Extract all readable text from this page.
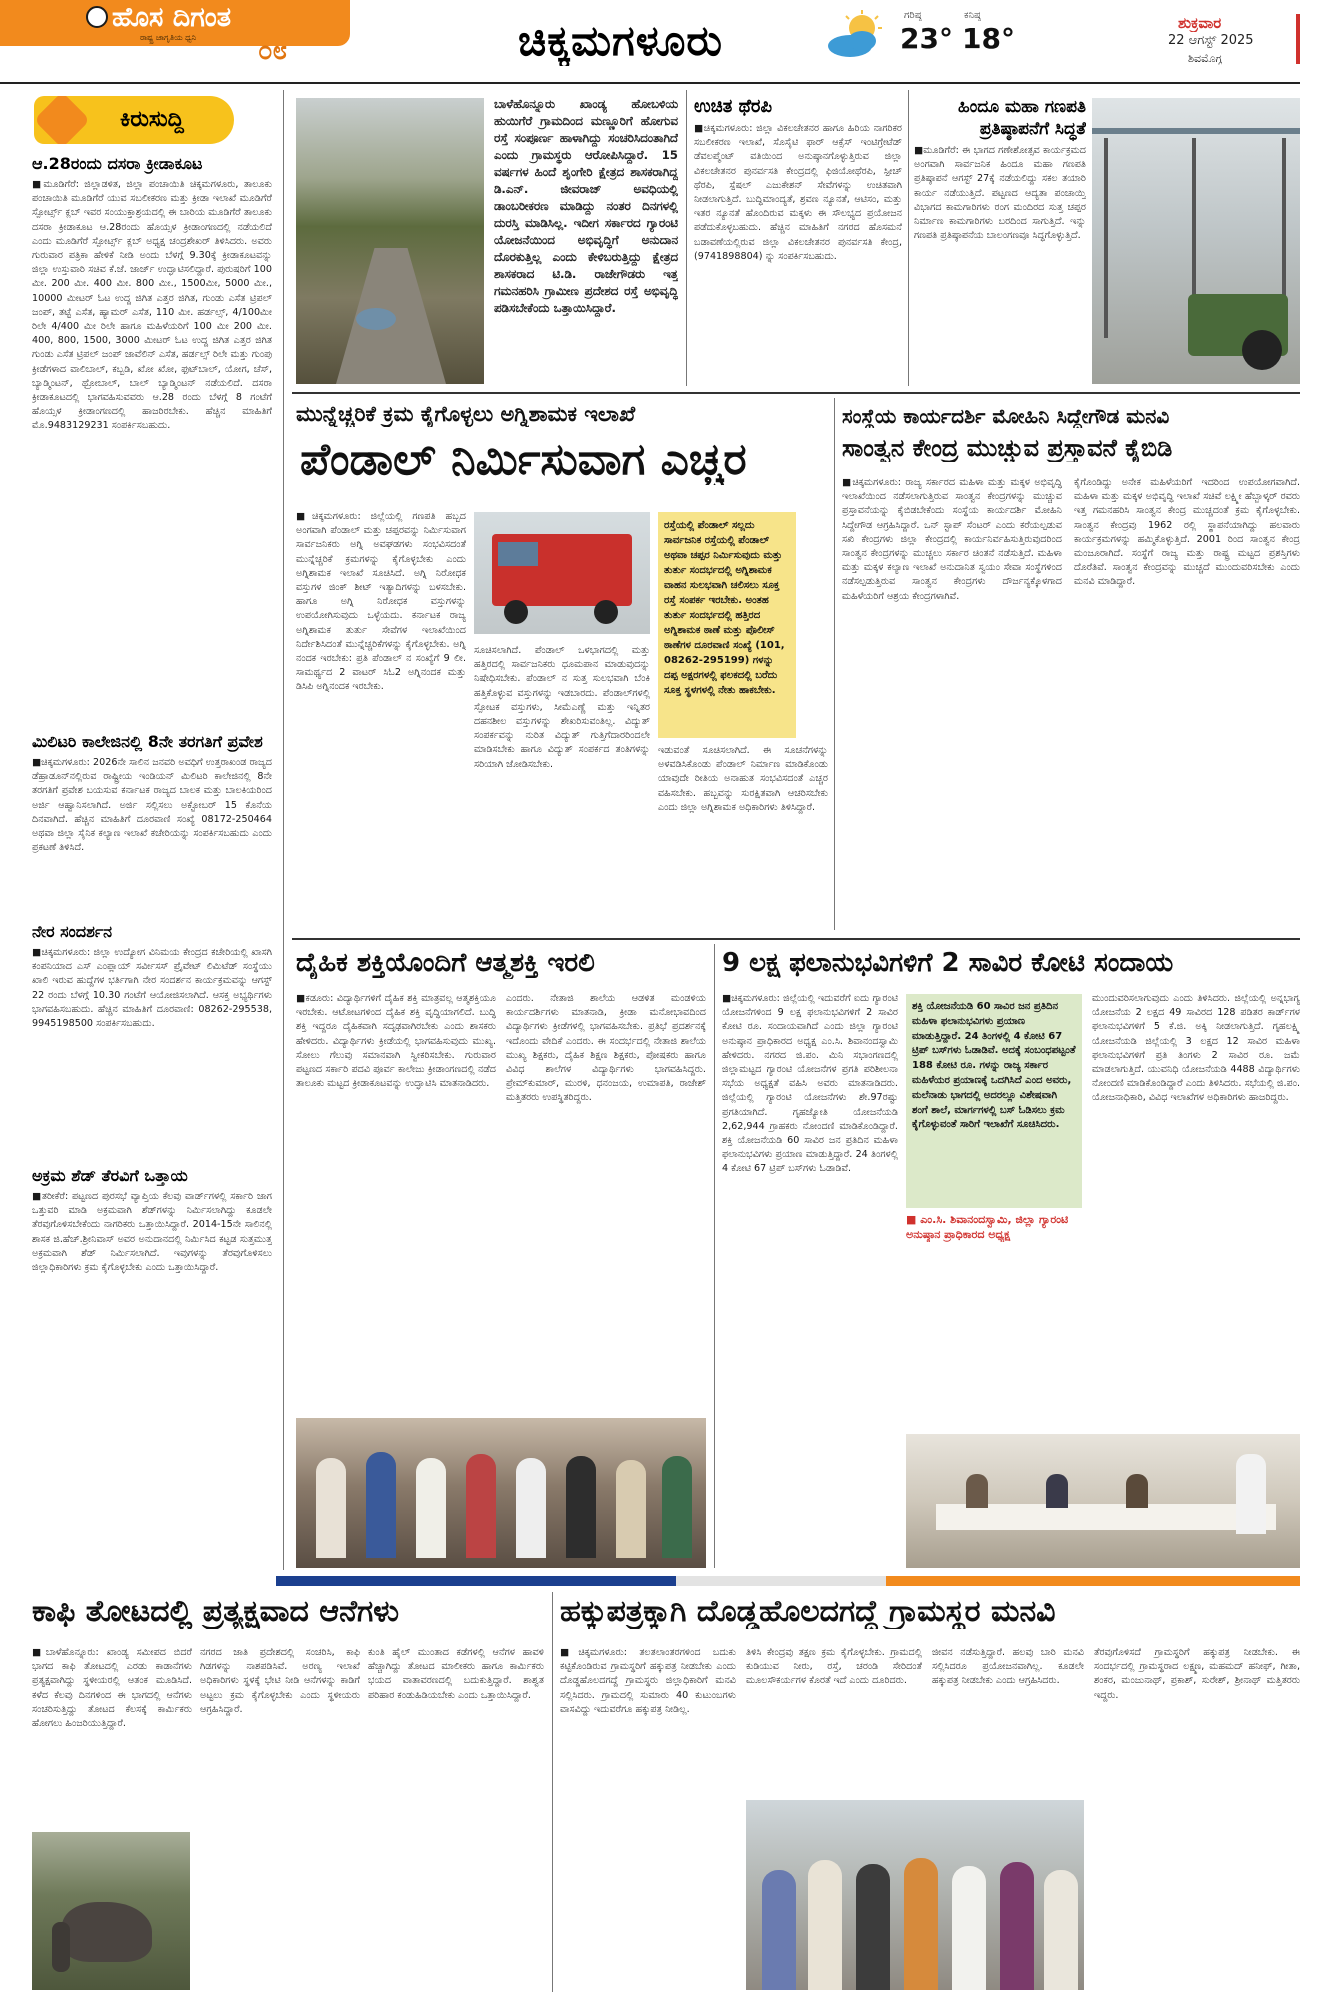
ಹೊಸ ದಿಗಂತ
ರಾಷ್ಟ್ರ ಜಾಗೃತಿಯ ಧ್ವನಿ ೦೮	ಚಿಕ್ಕಮಗಳೂರು
ಗರಿಷ್ಠ
23°
ಕನಿಷ್ಠ
18°	ಶುಕ್ರವಾರ
22 ಆಗಸ್ಟ್ 2025
ಶಿವಮೊಗ್ಗ
ಕಿರುಸುದ್ದಿ
ಆ.28ರಂದು ದಸರಾ ಕ್ರೀಡಾಕೂಟ
■ಮೂಡಿಗೆರೆ: ಜಿಲ್ಲಾಡಳಿತ, ಜಿಲ್ಲಾ ಪಂಚಾಯಿತಿ ಚಿಕ್ಕಮಗಳೂರು, ತಾಲೂಕು ಪಂಚಾಯಿತಿ ಮೂಡಿಗೆರೆ ಯುವ ಸಬಲೀಕರಣ ಮತ್ತು ಕ್ರೀಡಾ ಇಲಾಖೆ ಮೂಡಿಗೆರೆ ಸ್ಪೋರ್ಟ್ಸ್ ಕ್ಲಬ್ ಇವರ ಸಂಯುಕ್ತಾಶ್ರಯದಲ್ಲಿ ಈ ಬಾರಿಯ ಮೂಡಿಗೆರೆ ತಾಲೂಕು ದಸರಾ ಕ್ರೀಡಾಕೂಟ ಆ.28ರಂದು ಹೊಯ್ಸಳ ಕ್ರೀಡಾಂಗಣದಲ್ಲಿ ನಡೆಯಲಿದೆ ಎಂದು ಮೂಡಿಗೆರೆ ಸ್ಪೋರ್ಟ್ಸ್ ಕ್ಲಬ್ ಅಧ್ಯಕ್ಷ ಚಂದ್ರಶೇಖರ್ ತಿಳಿಸಿದರು. ಅವರು ಗುರುವಾರ ಪತ್ರಿಕಾ ಹೇಳಿಕೆ ನೀಡಿ ಅಂದು ಬೆಳಗ್ಗೆ 9.30ಕ್ಕೆ ಕ್ರೀಡಾಕೂಟವನ್ನು ಜಿಲ್ಲಾ ಉಸ್ತುವಾರಿ ಸಚಿವ ಕೆ.ಜೆ. ಜಾರ್ಜ್ ಉದ್ಘಾಟಿಸಲಿದ್ದಾರೆ. ಪುರುಷರಿಗೆ 100 ಮೀ. 200 ಮೀ. 400 ಮೀ. 800 ಮೀ., 1500ಮೀ, 5000 ಮೀ., 10000 ಮೀಟರ್ ಓಟ ಉದ್ದ ಜಿಗಿತ ಎತ್ತರ ಜಿಗಿತ, ಗುಂಡು ಎಸೆತ ಟ್ರಿಪಲ್ ಜಂಪ್, ತಟ್ಟೆ ಎಸೆತ, ಹ್ಯಾಮರ್ ಎಸೆತ, 110 ಮೀ. ಹರ್ಡಲ್ಸ್, 4/100ಮೀ ರಿಲೇ 4/400 ಮೀ ರಿಲೇ ಹಾಗೂ ಮಹಿಳೆಯರಿಗೆ 100 ಮೀ 200 ಮೀ. 400, 800, 1500, 3000 ಮೀಟರ್ ಓಟ ಉದ್ದ ಜಿಗಿತ ಎತ್ತರ ಜಿಗಿತ ಗುಂಡು ಎಸೆತ ಟ್ರಿಪಲ್ ಜಂಪ್ ಜಾವೆಲಿನ್ ಎಸೆತ, ಹರ್ಡಲ್ಸ್ ರಿಲೇ ಮತ್ತು ಗುಂಪು ಕ್ರೀಡೆಗಳಾದ ವಾಲಿಬಾಲ್, ಕಬ್ಬಡಿ, ಖೋ ಖೋ, ಫುಟ್‌ಬಾಲ್, ಯೋಗ, ಚೆಸ್, ಬ್ಯಾಡ್ಮಿಂಟನ್, ಥ್ರೋಬಾಲ್, ಬಾಲ್ ಬ್ಯಾಡ್ಮಿಂಟನ್ ನಡೆಯಲಿದೆ. ದಸರಾ ಕ್ರೀಡಾಕೂಟದಲ್ಲಿ ಭಾಗವಹಿಸುವವರು ಆ.28 ರಂದು ಬೆಳಗ್ಗೆ 8 ಗಂಟೆಗೆ ಹೊಯ್ಸಳ ಕ್ರೀಡಾಂಗಣದಲ್ಲಿ ಹಾಜರಿರಬೇಕು. ಹೆಚ್ಚಿನ ಮಾಹಿತಿಗೆ ಮೊ.9483129231 ಸಂಪರ್ಕಿಸಬಹುದು.
ಮಿಲಿಟರಿ ಕಾಲೇಜಿನಲ್ಲಿ 8ನೇ ತರಗತಿಗೆ ಪ್ರವೇಶ
■ಚಿಕ್ಕಮಗಳೂರು: 2026ನೇ ಸಾಲಿನ ಜನವರಿ ಅವಧಿಗೆ ಉತ್ತರಾಖಂಡ ರಾಜ್ಯದ ಡೆಹ್ರಾಡೂನ್‌ನಲ್ಲಿರುವ ರಾಷ್ಟ್ರೀಯ ಇಂಡಿಯನ್ ಮಿಲಿಟರಿ ಕಾಲೇಜಿನಲ್ಲಿ 8ನೇ ತರಗತಿಗೆ ಪ್ರವೇಶ ಬಯಸುವ ಕರ್ನಾಟಕ ರಾಜ್ಯದ ಬಾಲಕ ಮತ್ತು ಬಾಲಕಿಯರಿಂದ ಅರ್ಜಿ ಆಹ್ವಾನಿಸಲಾಗಿದೆ. ಅರ್ಜಿ ಸಲ್ಲಿಸಲು ಅಕ್ಟೋಬರ್ 15 ಕೊನೆಯ ದಿನವಾಗಿದೆ. ಹೆಚ್ಚಿನ ಮಾಹಿತಿಗೆ ದೂರವಾಣಿ ಸಂಖ್ಯೆ 08172-250464 ಅಥವಾ ಜಿಲ್ಲಾ ಸೈನಿಕ ಕಲ್ಯಾಣ ಇಲಾಖೆ ಕಚೇರಿಯನ್ನು ಸಂಪರ್ಕಿಸಬಹುದು ಎಂದು ಪ್ರಕಟಣೆ ತಿಳಿಸಿದೆ.
ನೇರ ಸಂದರ್ಶನ
■ಚಿಕ್ಕಮಗಳೂರು: ಜಿಲ್ಲಾ ಉದ್ಯೋಗ ವಿನಿಮಯ ಕೇಂದ್ರದ ಕಚೇರಿಯಲ್ಲಿ ಖಾಸಗಿ ಕಂಪನಿಯಾದ ಎಸ್ ಎಂಪ್ಲಾಯ್ ಸರ್ವೀಸಸ್ ಪ್ರೈವೇಟ್ ಲಿಮಿಟೆಡ್ ಸಂಸ್ಥೆಯು ಖಾಲಿ ಇರುವ ಹುದ್ದೆಗಳ ಭರ್ತಿಗಾಗಿ ನೇರ ಸಂದರ್ಶನ ಕಾರ್ಯಕ್ರಮವನ್ನು ಆಗಸ್ಟ್ 22 ರಂದು ಬೆಳಗ್ಗೆ 10.30 ಗಂಟೆಗೆ ಆಯೋಜಿಸಲಾಗಿದೆ. ಆಸಕ್ತ ಅಭ್ಯರ್ಥಿಗಳು ಭಾಗವಹಿಸಬಹುದು. ಹೆಚ್ಚಿನ ಮಾಹಿತಿಗೆ ದೂರವಾಣಿ: 08262-295538, 9945198500 ಸಂಪರ್ಕಿಸಬಹುದು.
ಅಕ್ರಮ ಶೆಡ್ ತೆರವಿಗೆ ಒತ್ತಾಯ
■ತರೀಕೆರೆ: ಪಟ್ಟಣದ ಪುರಸಭೆ ವ್ಯಾಪ್ತಿಯ ಕೆಲವು ವಾರ್ಡ್‌ಗಳಲ್ಲಿ ಸರ್ಕಾರಿ ಜಾಗ ಒತ್ತುವರಿ ಮಾಡಿ ಅಕ್ರಮವಾಗಿ ಶೆಡ್‌ಗಳನ್ನು ನಿರ್ಮಿಸಲಾಗಿದ್ದು ಕೂಡಲೇ ತೆರವುಗೊಳಿಸಬೇಕೆಂದು ನಾಗರಿಕರು ಒತ್ತಾಯಿಸಿದ್ದಾರೆ. 2014-15ನೇ ಸಾಲಿನಲ್ಲಿ ಶಾಸಕ ಜಿ.ಹೆಚ್.ಶ್ರೀನಿವಾಸ್ ಅವರ ಅನುದಾನದಲ್ಲಿ ನಿರ್ಮಿಸಿದ ಕಟ್ಟಡ ಸುತ್ತಮುತ್ತ ಅಕ್ರಮವಾಗಿ ಶೆಡ್ ನಿರ್ಮಿಸಲಾಗಿದೆ. ಇವುಗಳನ್ನು ತೆರವುಗೊಳಿಸಲು ಜಿಲ್ಲಾಧಿಕಾರಿಗಳು ಕ್ರಮ ಕೈಗೊಳ್ಳಬೇಕು ಎಂದು ಒತ್ತಾಯಿಸಿದ್ದಾರೆ.
ಬಾಳೆಹೊನ್ನೂರು ಖಾಂಡ್ಯ ಹೋಬಳಿಯ ಹುಯಿಗೆರೆ ಗ್ರಾಮದಿಂದ ಮಣ್ಣೂರಿಗೆ ಹೋಗುವ ರಸ್ತೆ ಸಂಪೂರ್ಣ ಹಾಳಾಗಿದ್ದು ಸಂಚರಿಸಿದಂತಾಗಿದೆ ಎಂದು ಗ್ರಾಮಸ್ಥರು ಆರೋಪಿಸಿದ್ದಾರೆ. 15 ವರ್ಷಗಳ ಹಿಂದೆ ಶೃಂಗೇರಿ ಕ್ಷೇತ್ರದ ಶಾಸಕರಾಗಿದ್ದ ಡಿ.ಎನ್. ಜೀವರಾಜ್ ಅವಧಿಯಲ್ಲಿ ಡಾಂಬರೀಕರಣ ಮಾಡಿದ್ದು ನಂತರ ದಿನಗಳಲ್ಲಿ ದುರಸ್ತಿ ಮಾಡಿಸಿಲ್ಲ. ಇದೀಗ ಸರ್ಕಾರದ ಗ್ಯಾರಂಟಿ ಯೋಜನೆಯಿಂದ ಅಭಿವೃದ್ಧಿಗೆ ಅನುದಾನ ದೊರಕುತ್ತಿಲ್ಲ ಎಂದು ಕೇಳಿಬರುತ್ತಿದ್ದು ಕ್ಷೇತ್ರದ ಶಾಸಕರಾದ ಟಿ.ಡಿ. ರಾಜೇಗೌಡರು ಇತ್ತ ಗಮನಹರಿಸಿ ಗ್ರಾಮೀಣ ಪ್ರದೇಶದ ರಸ್ತೆ ಅಭಿವೃದ್ಧಿ ಪಡಿಸಬೇಕೆಂದು ಒತ್ತಾಯಿಸಿದ್ದಾರೆ.
ಉಚಿತ ಥೆರಪಿ
■ಚಿಕ್ಕಮಗಳೂರು: ಜಿಲ್ಲಾ ವಿಕಲಚೇತನರ ಹಾಗೂ ಹಿರಿಯ ನಾಗರಿಕರ ಸಬಲೀಕರಣ ಇಲಾಖೆ, ಸೊಸೈಟಿ ಫಾರ್ ಆಕ್ಸೆಸ್ ಇಂಟಿಗ್ರೇಟೆಡ್ ಡೆವಲಪ್ಮೆಂಟ್ ವತಿಯಿಂದ ಅನುಷ್ಠಾನಗೊಳ್ಳುತ್ತಿರುವ ಜಿಲ್ಲಾ ವಿಕಲಚೇತನರ ಪುನರ್ವಸತಿ ಕೇಂದ್ರದಲ್ಲಿ ಫಿಜಿಯೋಥೆರಪಿ, ಸ್ಪೀಚ್ ಥೆರಪಿ, ಸ್ಪೆಷಲ್ ಎಜುಕೇಶನ್ ಸೇವೆಗಳನ್ನು ಉಚಿತವಾಗಿ ನೀಡಲಾಗುತ್ತಿದೆ. ಬುದ್ಧಿಮಾಂದ್ಯತೆ, ಶ್ರವಣ ನ್ಯೂನತೆ, ಆಟಿಸಂ, ಮತ್ತು ಇತರ ನ್ಯೂನತೆ ಹೊಂದಿರುವ ಮಕ್ಕಳು ಈ ಸೌಲಭ್ಯದ ಪ್ರಯೋಜನ ಪಡೆದುಕೊಳ್ಳಬಹುದು. ಹೆಚ್ಚಿನ ಮಾಹಿತಿಗೆ ನಗರದ ಹೊಸಮನೆ ಬಡಾವಣೆಯಲ್ಲಿರುವ ಜಿಲ್ಲಾ ವಿಕಲಚೇತನರ ಪುನರ್ವಸತಿ ಕೇಂದ್ರ, (9741898804) ನ್ನು ಸಂಪರ್ಕಿಸಬಹುದು.
ಹಿಂದೂ ಮಹಾ ಗಣಪತಿ ಪ್ರತಿಷ್ಠಾಪನೆಗೆ ಸಿದ್ಧತೆ
■ಮೂಡಿಗೆರೆ: ಈ ಭಾಗದ ಗಣೇಶೋತ್ಸವ ಕಾರ್ಯಕ್ರಮದ ಅಂಗವಾಗಿ ಸಾರ್ವಜನಿಕ ಹಿಂದೂ ಮಹಾ ಗಣಪತಿ ಪ್ರತಿಷ್ಠಾಪನೆ ಆಗಸ್ಟ್ 27ಕ್ಕೆ ನಡೆಯಲಿದ್ದು ಸಕಲ ತಯಾರಿ ಕಾರ್ಯ ನಡೆಯುತ್ತಿದೆ. ಪಟ್ಟಣದ ಆದ್ಯತಾ ಪಂಚಾಯ್ತಿ ವಿಭಾಗದ ಕಾಮಗಾರಿಗಳು ರಂಗ ಮಂದಿರದ ಸುತ್ತ ಚಪ್ಪರ ನಿರ್ಮಾಣ ಕಾಮಗಾರಿಗಳು ಬರದಿಂದ ಸಾಗುತ್ತಿದೆ. ಇನ್ನು ಗಣಪತಿ ಪ್ರತಿಷ್ಠಾಪನೆಯ ಬಾಲಂಗಣವೂ ಸಿದ್ಧಗೊಳ್ಳುತ್ತಿದೆ.
ಮುನ್ನೆಚ್ಚರಿಕೆ ಕ್ರಮ ಕೈಗೊಳ್ಳಲು ಅಗ್ನಿಶಾಮಕ ಇಲಾಖೆ
ಪೆಂಡಾಲ್ ನಿರ್ಮಿಸುವಾಗ ಎಚ್ಚರ
■ಚಿಕ್ಕಮಗಳೂರು: ಜಿಲ್ಲೆಯಲ್ಲಿ ಗಣಪತಿ ಹಬ್ಬದ ಅಂಗವಾಗಿ ಪೆಂಡಾಲ್ ಮತ್ತು ಚಪ್ಪರವನ್ನು ನಿರ್ಮಿಸುವಾಗ ಸಾರ್ವಜನಿಕರು ಅಗ್ನಿ ಅವಘಡಗಳು ಸಂಭವಿಸದಂತೆ ಮುನ್ನೆಚ್ಚರಿಕೆ ಕ್ರಮಗಳನ್ನು ಕೈಗೊಳ್ಳಬೇಕು ಎಂದು ಅಗ್ನಿಶಾಮಕ ಇಲಾಖೆ ಸೂಚಿಸಿದೆ. ಅಗ್ನಿ ನಿರೋಧಕ ವಸ್ತುಗಳ ಜಿಂಕ್ ಶೀಟ್ ಇತ್ಯಾದಿಗಳನ್ನು ಬಳಸಬೇಕು. ಹಾಗೂ ಅಗ್ನಿ ನಿರೋಧಕ ವಸ್ತುಗಳನ್ನು ಉಪಯೋಗಿಸುವುದು ಒಳ್ಳೆಯದು. ಕರ್ನಾಟಕ ರಾಜ್ಯ ಅಗ್ನಿಶಾಮಕ ತುರ್ತು ಸೇವೆಗಳ ಇಲಾಖೆಯಿಂದ ನಿರ್ದೇಶಿಸಿದಂತೆ ಮುನ್ನೆಚ್ಚರಿಕೆಗಳನ್ನು ಕೈಗೊಳ್ಳಬೇಕು. ಅಗ್ನಿ ನಂದಕ ಇರಬೇಕು: ಪ್ರತಿ ಪೆಂಡಾಲ್ ನ ಸಂಖ್ಯೆಗೆ 9 ಲೀ. ಸಾಮರ್ಥ್ಯದ 2 ವಾಟರ್ ಸಿಓ2 ಅಗ್ನಿನಂದಕ ಮತ್ತು ಡಿಸಿಪಿ ಅಗ್ನಿನಂದಕ ಇರಬೇಕು.
ಸೂಚಿಸಲಾಗಿದೆ. ಪೆಂಡಾಲ್ ಒಳಭಾಗದಲ್ಲಿ ಮತ್ತು ಹತ್ತಿರದಲ್ಲಿ ಸಾರ್ವಜನಿಕರು ಧೂಮಪಾನ ಮಾಡುವುದನ್ನು ನಿಷೇಧಿಸಬೇಕು. ಪೆಂಡಾಲ್ ನ ಸುತ್ತ ಸುಲಭವಾಗಿ ಬೆಂಕಿ ಹತ್ತಿಕೊಳ್ಳುವ ವಸ್ತುಗಳನ್ನು ಇಡಬಾರದು. ಪೆಂಡಾಲ್‌ಗಳಲ್ಲಿ ಸ್ಪೋಟಕ ವಸ್ತುಗಳು, ಸೀಮೆಎಣ್ಣೆ ಮತ್ತು ಇನ್ನಿತರ ದಹನಶೀಲ ವಸ್ತುಗಳನ್ನು ಶೇಖರಿಸುವಂತಿಲ್ಲ. ವಿದ್ಯುತ್ ಸಂಪರ್ಕವನ್ನು ನುರಿತ ವಿದ್ಯುತ್ ಗುತ್ತಿಗೆದಾರರಿಂದಲೇ ಮಾಡಿಸಬೇಕು ಹಾಗೂ ವಿದ್ಯುತ್ ಸಂಪರ್ಕದ ತಂತಿಗಳನ್ನು ಸರಿಯಾಗಿ ಜೋಡಿಸಬೇಕು.
ರಸ್ತೆಯಲ್ಲಿ ಪೆಂಡಾಲ್ ಸಲ್ಲದು ಸಾರ್ವಜನಿಕ ರಸ್ತೆಯಲ್ಲಿ ಪೆಂಡಾಲ್ ಅಥವಾ ಚಪ್ಪರ ನಿರ್ಮಿಸುವುದು ಮತ್ತು ತುರ್ತು ಸಂದರ್ಭದಲ್ಲಿ ಅಗ್ನಿಶಾಮಕ ವಾಹನ ಸುಲಭವಾಗಿ ಚಲಿಸಲು ಸೂಕ್ತ ರಸ್ತೆ ಸಂಪರ್ಕ ಇರಬೇಕು. ಅಂತಹ ತುರ್ತು ಸಂದರ್ಭದಲ್ಲಿ ಹತ್ತಿರದ ಅಗ್ನಿಶಾಮಕ ಠಾಣೆ ಮತ್ತು ಪೊಲೀಸ್ ಠಾಣೆಗಳ ದೂರವಾಣಿ ಸಂಖ್ಯೆ (101, 08262-295199) ಗಳನ್ನು ದಪ್ಪ ಅಕ್ಷರಗಳಲ್ಲಿ ಫಲಕದಲ್ಲಿ ಬರೆದು ಸೂಕ್ತ ಸ್ಥಳಗಳಲ್ಲಿ ನೇತು ಹಾಕಬೇಕು.
ಇಡುವಂತೆ ಸೂಚಿಸಲಾಗಿದೆ. ಈ ಸೂಚನೆಗಳನ್ನು ಅಳವಡಿಸಿಕೊಂಡು ಪೆಂಡಾಲ್ ನಿರ್ಮಾಣ ಮಾಡಿಕೊಂಡು ಯಾವುದೇ ರೀತಿಯ ಅನಾಹುತ ಸಂಭವಿಸದಂತೆ ಎಚ್ಚರ ವಹಿಸಬೇಕು. ಹಬ್ಬವನ್ನು ಸುರಕ್ಷಿತವಾಗಿ ಆಚರಿಸಬೇಕು ಎಂದು ಜಿಲ್ಲಾ ಅಗ್ನಿಶಾಮಕ ಅಧಿಕಾರಿಗಳು ತಿಳಿಸಿದ್ದಾರೆ.
ಸಂಸ್ಥೆಯ ಕಾರ್ಯದರ್ಶಿ ಮೋಹಿನಿ ಸಿದ್ದೇಗೌಡ ಮನವಿ
ಸಾಂತ್ವನ ಕೇಂದ್ರ ಮುಚ್ಚುವ ಪ್ರಸ್ತಾವನೆ ಕೈಬಿಡಿ
■ಚಿಕ್ಕಮಗಳೂರು: ರಾಜ್ಯ ಸರ್ಕಾರದ ಮಹಿಳಾ ಮತ್ತು ಮಕ್ಕಳ ಅಭಿವೃದ್ಧಿ ಇಲಾಖೆಯಿಂದ ನಡೆಸಲಾಗುತ್ತಿರುವ ಸಾಂತ್ವನ ಕೇಂದ್ರಗಳನ್ನು ಮುಚ್ಚುವ ಪ್ರಸ್ತಾವನೆಯನ್ನು ಕೈಬಿಡಬೇಕೆಂದು ಸಂಸ್ಥೆಯ ಕಾರ್ಯದರ್ಶಿ ಮೋಹಿನಿ ಸಿದ್ದೇಗೌಡ ಆಗ್ರಹಿಸಿದ್ದಾರೆ. ಒನ್ ಸ್ಟಾಪ್ ಸೆಂಟರ್ ಎಂದು ಕರೆಯಲ್ಪಡುವ ಸಖಿ ಕೇಂದ್ರಗಳು ಜಿಲ್ಲಾ ಕೇಂದ್ರದಲ್ಲಿ ಕಾರ್ಯನಿರ್ವಹಿಸುತ್ತಿರುವುದರಿಂದ ಸಾಂತ್ವನ ಕೇಂದ್ರಗಳನ್ನು ಮುಚ್ಚಲು ಸರ್ಕಾರ ಚಿಂತನೆ ನಡೆಸುತ್ತಿದೆ. ಮಹಿಳಾ ಮತ್ತು ಮಕ್ಕಳ ಕಲ್ಯಾಣ ಇಲಾಖೆ ಅನುದಾನಿತ ಸ್ವಯಂ ಸೇವಾ ಸಂಸ್ಥೆಗಳಿಂದ ನಡೆಸಲ್ಪಡುತ್ತಿರುವ ಸಾಂತ್ವನ ಕೇಂದ್ರಗಳು ದೌರ್ಜನ್ಯಕ್ಕೊಳಗಾದ ಮಹಿಳೆಯರಿಗೆ ಆಶ್ರಯ ಕೇಂದ್ರಗಳಾಗಿವೆ.
ಕೈಗೊಂಡಿದ್ದು ಅನೇಕ ಮಹಿಳೆಯರಿಗೆ ಇದರಿಂದ ಉಪಯೋಗವಾಗಿದೆ. ಮಹಿಳಾ ಮತ್ತು ಮಕ್ಕಳ ಅಭಿವೃದ್ಧಿ ಇಲಾಖೆ ಸಚಿವೆ ಲಕ್ಷ್ಮೀ ಹೆಬ್ಬಾಳ್ಕರ್ ರವರು ಇತ್ತ ಗಮನಹರಿಸಿ ಸಾಂತ್ವನ ಕೇಂದ್ರ ಮುಚ್ಚದಂತೆ ಕ್ರಮ ಕೈಗೊಳ್ಳಬೇಕು. ಸಾಂತ್ವನ ಕೇಂದ್ರವು 1962 ರಲ್ಲಿ ಸ್ಥಾಪನೆಯಾಗಿದ್ದು ಹಲವಾರು ಕಾರ್ಯಕ್ರಮಗಳನ್ನು ಹಮ್ಮಿಕೊಳ್ಳುತ್ತಿದೆ. 2001 ರಿಂದ ಸಾಂತ್ವನ ಕೇಂದ್ರ ಮಂಜೂರಾಗಿದೆ. ಸಂಸ್ಥೆಗೆ ರಾಜ್ಯ ಮತ್ತು ರಾಷ್ಟ್ರ ಮಟ್ಟದ ಪ್ರಶಸ್ತಿಗಳು ದೊರೆತಿವೆ. ಸಾಂತ್ವನ ಕೇಂದ್ರವನ್ನು ಮುಚ್ಚದೆ ಮುಂದುವರಿಸಬೇಕು ಎಂದು ಮನವಿ ಮಾಡಿದ್ದಾರೆ.
ದೈಹಿಕ ಶಕ್ತಿಯೊಂದಿಗೆ ಆತ್ಮಶಕ್ತಿ ಇರಲಿ
■ಕಡೂರು: ವಿದ್ಯಾರ್ಥಿಗಳಿಗೆ ದೈಹಿಕ ಶಕ್ತಿ ಮಾತ್ರವಲ್ಲ ಆತ್ಮಶಕ್ತಿಯೂ ಇರಬೇಕು. ಆಟೋಟಗಳಿಂದ ದೈಹಿಕ ಶಕ್ತಿ ವೃದ್ಧಿಯಾಗಲಿದೆ. ಬುದ್ಧಿ ಶಕ್ತಿ ಇದ್ದರೂ ದೈಹಿಕವಾಗಿ ಸದೃಢವಾಗಿರಬೇಕು ಎಂದು ಶಾಸಕರು ಹೇಳಿದರು. ವಿದ್ಯಾರ್ಥಿಗಳು ಕ್ರೀಡೆಯಲ್ಲಿ ಭಾಗವಹಿಸುವುದು ಮುಖ್ಯ. ಸೋಲು ಗೆಲುವು ಸಮಾನವಾಗಿ ಸ್ವೀಕರಿಸಬೇಕು. ಗುರುವಾರ ಪಟ್ಟಣದ ಸರ್ಕಾರಿ ಪದವಿ ಪೂರ್ವ ಕಾಲೇಜು ಕ್ರೀಡಾಂಗಣದಲ್ಲಿ ನಡೆದ ತಾಲೂಕು ಮಟ್ಟದ ಕ್ರೀಡಾಕೂಟವನ್ನು ಉದ್ಘಾಟಿಸಿ ಮಾತನಾಡಿದರು.
ಎಂದರು. ನೇತಾಜಿ ಶಾಲೆಯ ಆಡಳಿತ ಮಂಡಳಿಯ ಕಾರ್ಯದರ್ಶಿಗಳು ಮಾತನಾಡಿ, ಕ್ರೀಡಾ ಮನೋಭಾವದಿಂದ ವಿದ್ಯಾರ್ಥಿಗಳು ಕ್ರೀಡೆಗಳಲ್ಲಿ ಭಾಗವಹಿಸಬೇಕು. ಪ್ರತಿಭೆ ಪ್ರದರ್ಶನಕ್ಕೆ ಇದೊಂದು ವೇದಿಕೆ ಎಂದರು. ಈ ಸಂದರ್ಭದಲ್ಲಿ ನೇತಾಜಿ ಶಾಲೆಯ ಮುಖ್ಯ ಶಿಕ್ಷಕರು, ದೈಹಿಕ ಶಿಕ್ಷಣ ಶಿಕ್ಷಕರು, ಪೋಷಕರು ಹಾಗೂ ವಿವಿಧ ಶಾಲೆಗಳ ವಿದ್ಯಾರ್ಥಿಗಳು ಭಾಗವಹಿಸಿದ್ದರು. ಪ್ರೇಮ್‌ಕುಮಾರ್, ಮುರಳಿ, ಧನಂಜಯ, ಉಮಾಪತಿ, ರಾಜೇಶ್ ಮತ್ತಿತರರು ಉಪಸ್ಥಿತರಿದ್ದರು.
9 ಲಕ್ಷ ಫಲಾನುಭವಿಗಳಿಗೆ 2 ಸಾವಿರ ಕೋಟಿ ಸಂದಾಯ
■ಚಿಕ್ಕಮಗಳೂರು: ಜಿಲ್ಲೆಯಲ್ಲಿ ಇದುವರೆಗೆ ಐದು ಗ್ಯಾರಂಟಿ ಯೋಜನೆಗಳಿಂದ 9 ಲಕ್ಷ ಫಲಾನುಭವಿಗಳಿಗೆ 2 ಸಾವಿರ ಕೋಟಿ ರೂ. ಸಂದಾಯವಾಗಿದೆ ಎಂದು ಜಿಲ್ಲಾ ಗ್ಯಾರಂಟಿ ಅನುಷ್ಠಾನ ಪ್ರಾಧಿಕಾರದ ಅಧ್ಯಕ್ಷ ಎಂ.ಸಿ. ಶಿವಾನಂದಸ್ವಾಮಿ ಹೇಳಿದರು. ನಗರದ ಜಿ.ಪಂ. ಮಿನಿ ಸಭಾಂಗಣದಲ್ಲಿ ಜಿಲ್ಲಾಮಟ್ಟದ ಗ್ಯಾರಂಟಿ ಯೋಜನೆಗಳ ಪ್ರಗತಿ ಪರಿಶೀಲನಾ ಸಭೆಯ ಅಧ್ಯಕ್ಷತೆ ವಹಿಸಿ ಅವರು ಮಾತನಾಡಿದರು. ಜಿಲ್ಲೆಯಲ್ಲಿ ಗ್ಯಾರಂಟಿ ಯೋಜನೆಗಳು ಶೇ.97ರಷ್ಟು ಪ್ರಗತಿಯಾಗಿದೆ. ಗೃಹಜ್ಯೋತಿ ಯೋಜನೆಯಡಿ 2,62,944 ಗ್ರಾಹಕರು ನೋಂದಣಿ ಮಾಡಿಕೊಂಡಿದ್ದಾರೆ. ಶಕ್ತಿ ಯೋಜನೆಯಡಿ 60 ಸಾವಿರ ಜನ ಪ್ರತಿದಿನ ಮಹಿಳಾ ಫಲಾನುಭವಿಗಳು ಪ್ರಯಾಣ ಮಾಡುತ್ತಿದ್ದಾರೆ. 24 ತಿಂಗಳಲ್ಲಿ 4 ಕೋಟಿ 67 ಟ್ರಿಪ್ ಬಸ್‌ಗಳು ಓಡಾಡಿವೆ.
ಶಕ್ತಿ ಯೋಜನೆಯಡಿ 60 ಸಾವಿರ ಜನ ಪ್ರತಿದಿನ ಮಹಿಳಾ ಫಲಾನುಭವಿಗಳು ಪ್ರಯಾಣ ಮಾಡುತ್ತಿದ್ದಾರೆ. 24 ತಿಂಗಳಲ್ಲಿ 4 ಕೋಟಿ 67 ಟ್ರಿಪ್ ಬಸ್‌ಗಳು ಓಡಾಡಿವೆ. ಅದಕ್ಕೆ ಸಂಬಂಧಪಟ್ಟಂತೆ 188 ಕೋಟಿ ರೂ. ಗಳನ್ನು ರಾಜ್ಯ ಸರ್ಕಾರ ಮಹಿಳೆಯರ ಪ್ರಯಾಣಕ್ಕೆ ಒದಗಿಸಿದೆ ಎಂದ ಅವರು, ಮಲೆನಾಡು ಭಾಗದಲ್ಲಿ ಅದರಲ್ಲೂ ವಿಶೇಷವಾಗಿ ಶಂಗೆ ಶಾಲೆ, ಮಾರ್ಗಗಳಲ್ಲಿ ಬಸ್ ಓಡಿಸಲು ಕ್ರಮ ಕೈಗೊಳ್ಳುವಂತೆ ಸಾರಿಗೆ ಇಲಾಖೆಗೆ ಸೂಚಿಸಿದರು.
■ ಎಂ.ಸಿ. ಶಿವಾನಂದಸ್ವಾಮಿ, ಜಿಲ್ಲಾ ಗ್ಯಾರಂಟಿ ಅನುಷ್ಠಾನ ಪ್ರಾಧಿಕಾರದ ಅಧ್ಯಕ್ಷ
ಮುಂದುವರಿಸಲಾಗುವುದು ಎಂದು ತಿಳಿಸಿದರು. ಜಿಲ್ಲೆಯಲ್ಲಿ ಅನ್ನಭಾಗ್ಯ ಯೋಜನೆಯ 2 ಲಕ್ಷದ 49 ಸಾವಿರದ 128 ಪಡಿತರ ಕಾರ್ಡ್‌ಗಳ ಫಲಾನುಭವಿಗಳಿಗೆ 5 ಕೆ.ಜಿ. ಅಕ್ಕಿ ನೀಡಲಾಗುತ್ತಿದೆ. ಗೃಹಲಕ್ಷ್ಮಿ ಯೋಜನೆಯಡಿ ಜಿಲ್ಲೆಯಲ್ಲಿ 3 ಲಕ್ಷದ 12 ಸಾವಿರ ಮಹಿಳಾ ಫಲಾನುಭವಿಗಳಿಗೆ ಪ್ರತಿ ತಿಂಗಳು 2 ಸಾವಿರ ರೂ. ಜಮೆ ಮಾಡಲಾಗುತ್ತಿದೆ. ಯುವನಿಧಿ ಯೋಜನೆಯಡಿ 4488 ವಿದ್ಯಾರ್ಥಿಗಳು ನೋಂದಣಿ ಮಾಡಿಕೊಂಡಿದ್ದಾರೆ ಎಂದು ತಿಳಿಸಿದರು. ಸಭೆಯಲ್ಲಿ ಜಿ.ಪಂ. ಯೋಜನಾಧಿಕಾರಿ, ವಿವಿಧ ಇಲಾಖೆಗಳ ಅಧಿಕಾರಿಗಳು ಹಾಜರಿದ್ದರು.
ಕಾಫಿ ತೋಟದಲ್ಲಿ ಪ್ರತ್ಯಕ್ಷವಾದ ಆನೆಗಳು
■ಬಾಳೆಹೊನ್ನೂರು: ಖಾಂಡ್ಯ ಸಮೀಪದ ಬಿದರೆ ಭಾಗದ ಕಾಫಿ ತೋಟದಲ್ಲಿ ಎರಡು ಕಾಡಾನೆಗಳು ಪ್ರತ್ಯಕ್ಷವಾಗಿದ್ದು ಸ್ಥಳೀಯರಲ್ಲಿ ಆತಂಕ ಮೂಡಿಸಿದೆ. ಕಳೆದ ಕೆಲವು ದಿನಗಳಿಂದ ಈ ಭಾಗದಲ್ಲಿ ಆನೆಗಳು ಸಂಚರಿಸುತ್ತಿದ್ದು ತೋಟದ ಕೆಲಸಕ್ಕೆ ಕಾರ್ಮಿಕರು ಹೋಗಲು ಹಿಂಜರಿಯುತ್ತಿದ್ದಾರೆ.
ನಗರದ ಜಾತಿ ಪ್ರದೇಶದಲ್ಲಿ ಸಂಚರಿಸಿ, ಕಾಫಿ ಗಿಡಗಳನ್ನು ನಾಶಪಡಿಸಿವೆ. ಅರಣ್ಯ ಇಲಾಖೆ ಅಧಿಕಾರಿಗಳು ಸ್ಥಳಕ್ಕೆ ಭೇಟಿ ನೀಡಿ ಆನೆಗಳನ್ನು ಕಾಡಿಗೆ ಅಟ್ಟಲು ಕ್ರಮ ಕೈಗೊಳ್ಳಬೇಕು ಎಂದು ಸ್ಥಳೀಯರು ಆಗ್ರಹಿಸಿದ್ದಾರೆ.
ಕುಂತಿ ಹೈಲ್ ಮುಂತಾದ ಕಡೆಗಳಲ್ಲಿ ಆನೆಗಳ ಹಾವಳಿ ಹೆಚ್ಚಾಗಿದ್ದು ತೋಟದ ಮಾಲೀಕರು ಹಾಗೂ ಕಾರ್ಮಿಕರು ಭಯದ ವಾತಾವರಣದಲ್ಲಿ ಬದುಕುತ್ತಿದ್ದಾರೆ. ಶಾಶ್ವತ ಪರಿಹಾರ ಕಂಡುಹಿಡಿಯಬೇಕು ಎಂದು ಒತ್ತಾಯಿಸಿದ್ದಾರೆ.
ಹಕ್ಕುಪತ್ರಕ್ಕಾಗಿ ದೊಡ್ಡಹೊಲದಗದ್ದೆ ಗ್ರಾಮಸ್ಥರ ಮನವಿ
■ಚಿಕ್ಕಮಗಳೂರು: ತಲತಲಾಂತರಗಳಿಂದ ಬದುಕು ಕಟ್ಟಿಕೊಂಡಿರುವ ಗ್ರಾಮಸ್ಥರಿಗೆ ಹಕ್ಕುಪತ್ರ ನೀಡಬೇಕು ಎಂದು ದೊಡ್ಡಹೊಲದಗದ್ದೆ ಗ್ರಾಮಸ್ಥರು ಜಿಲ್ಲಾಧಿಕಾರಿಗೆ ಮನವಿ ಸಲ್ಲಿಸಿದರು. ಗ್ರಾಮದಲ್ಲಿ ಸುಮಾರು 40 ಕುಟುಂಬಗಳು ವಾಸವಿದ್ದು ಇದುವರೆಗೂ ಹಕ್ಕುಪತ್ರ ನೀಡಿಲ್ಲ.
ತಿಳಿಸಿ ಕೇಂದ್ರವು ತಕ್ಷಣ ಕ್ರಮ ಕೈಗೊಳ್ಳಬೇಕು. ಗ್ರಾಮದಲ್ಲಿ ಕುಡಿಯುವ ನೀರು, ರಸ್ತೆ, ಚರಂಡಿ ಸೇರಿದಂತೆ ಮೂಲಸೌಕರ್ಯಗಳ ಕೊರತೆ ಇದೆ ಎಂದು ದೂರಿದರು.
ಜೀವನ ನಡೆಸುತ್ತಿದ್ದಾರೆ. ಹಲವು ಬಾರಿ ಮನವಿ ಸಲ್ಲಿಸಿದರೂ ಪ್ರಯೋಜನವಾಗಿಲ್ಲ. ಕೂಡಲೇ ಹಕ್ಕುಪತ್ರ ನೀಡಬೇಕು ಎಂದು ಆಗ್ರಹಿಸಿದರು.
ತೆರವುಗೊಳಿಸದೆ ಗ್ರಾಮಸ್ಥರಿಗೆ ಹಕ್ಕುಪತ್ರ ನೀಡಬೇಕು. ಈ ಸಂದರ್ಭದಲ್ಲಿ ಗ್ರಾಮಸ್ಥರಾದ ಲಕ್ಷ್ಮಣ, ಮಹಮದ್ ಹನೀಫ್, ಗೀತಾ, ಶಂಕರ, ಮಂಜುನಾಥ್, ಪ್ರಕಾಶ್, ಸುರೇಶ್, ಶ್ರೀನಾಥ್ ಮತ್ತಿತರರು ಇದ್ದರು.
